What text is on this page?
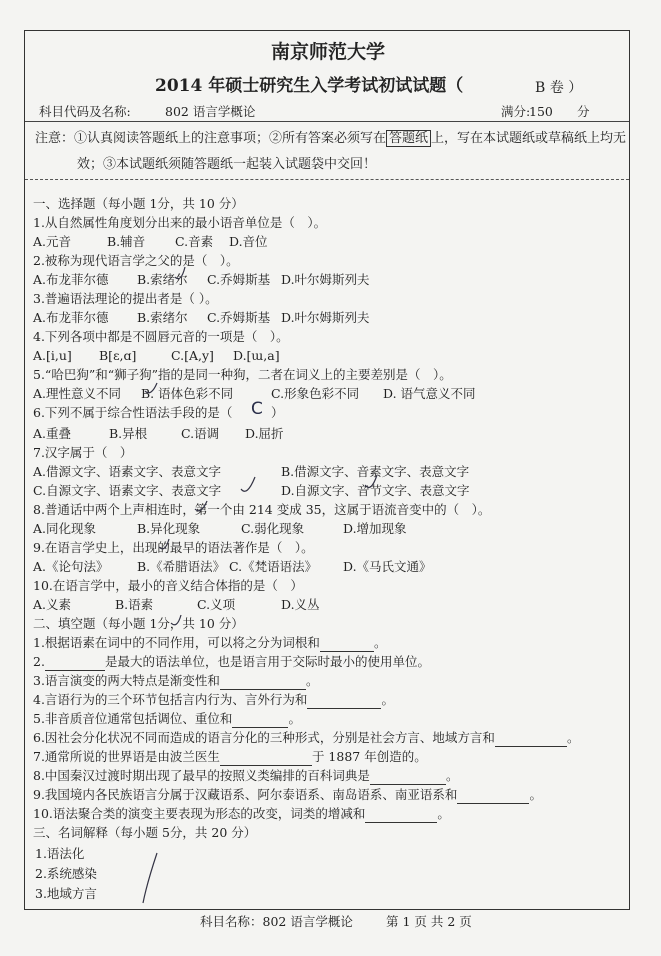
南京师范大学
2014 年硕士研究生入学考试初试试题（	B 卷 ）
科目代码及名称:	802 语言学概论	满分:
150 分
注意：①认真阅读答题纸上的注意事项；②所有答案必须写在 答题纸 上，写在本试题纸或草稿纸上均无
效；③本试题纸须随答题纸一起装入试题袋中交回！
一、选择题（每小题 1分，共 10 分）
1.从自然属性角度划分出来的最小语音单位是（　）。
A.元音	B.辅音 C.音素 D.音位
2.被称为现代语言学之父的是（　）。
A.布龙菲尔德 B.索绪尔 C.乔姆斯基 D.叶尔姆斯列夫
3.普遍语法理论的提出者是（ ）。
A.布龙菲尔德 B.索绪尔 C.乔姆斯基 D.叶尔姆斯列夫
4.下列各项中都是不圆唇元音的一项是（　）。
A.[i,u] B[ɛ,ɑ]	C.[A,y] D.[ɯ,a]
5.“哈巴狗”和“狮子狗”指的是同一种狗，二者在词义上的主要差别是（　）。
A.理性意义不同 B. 语体色彩不同	C.形象色彩不同 D. 语气意义不同
6.下列不属于综合性语法手段的是（ C ）
A.重叠	B.异根	C.语调 D.屈折
7.汉字属于（　）
A.借源文字、语素文字、表意文字	B.借源文字、音素文字、表意文字
C.自源文字、语素文字、表意文字	D.自源文字、音节文字、表意文字
8.普通话中两个上声相连时，第一个由 214 变成 35，这属于语流音变中的（　）。
A.同化现象	B.异化现象	C.弱化现象	D.增加现象
9.在语言学史上，出现的最早的语法著作是（　）。
A.《论句法》 B.《希腊语法》 C.《梵语语法》 D.《马氏文通》
10.在语言学中，最小的音义结合体指的是（　）
A.义素	B.语素	C.义项	D.义丛
二、填空题（每小题 1分，共 10 分）
1.根据语素在词中的不同作用，可以将之分为词根和	。
2.	是最大的语法单位，也是语言用于交际时最小的使用单位。
3.语言演变的两大特点是渐变性和	。
4.言语行为的三个环节包括言内行为、言外行为和	。
5.非音质音位通常包括调位、重位和	。
6.因社会分化状况不同而造成的语言分化的三种形式，分别是社会方言、地域方言和	。
7.通常所说的世界语是由波兰医生	于 1887 年创造的。
8.中国秦汉过渡时期出现了最早的按照义类编排的百科词典是	。
9.我国境内各民族语言分属于汉藏语系、阿尔泰语系、南岛语系、南亚语系和	。
10.语法聚合类的演变主要表现为形态的改变，词类的增减和	。
三、名词解释（每小题 5分，共 20 分）
1.语法化
2.系统感染
3.地域方言
科目名称：802 语言学概论	第 1 页 共 2 页
